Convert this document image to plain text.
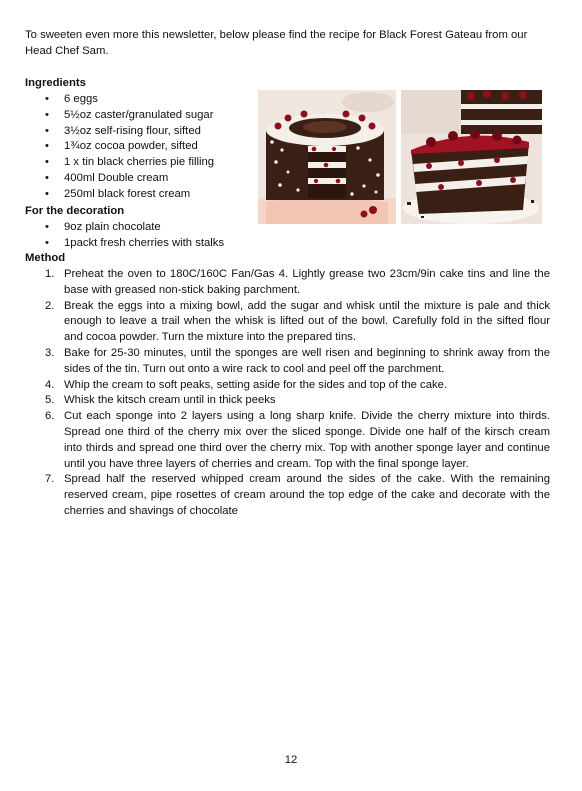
To sweeten even more this newsletter, below please find the recipe for Black Forest Gateau from our Head Chef Sam.

Ingredients
• 6 eggs
• 5½oz caster/granulated sugar
• 3½oz self-rising flour, sifted
• 1¾oz cocoa powder, sifted
• 1 x tin black cherries pie filling
• 400ml Double cream
• 250ml black forest cream
For the decoration
• 9oz plain chocolate
• 1packt fresh cherries with stalks
Method
1. Preheat the oven to 180C/160C Fan/Gas 4. Lightly grease two 23cm/9in cake tins and line the base with greased non-stick baking parchment.
2. Break the eggs into a mixing bowl, add the sugar and whisk until the mixture is pale and thick enough to leave a trail when the whisk is lifted out of the bowl. Carefully fold in the sifted flour and cocoa powder. Turn the mixture into the prepared tins.
3. Bake for 25-30 minutes, until the sponges are well risen and beginning to shrink away from the sides of the tin. Turn out onto a wire rack to cool and peel off the parchment.
4. Whip the cream to soft peaks, setting aside for the sides and top of the cake.
5. Whisk the kitsch cream until in thick peeks
6. Cut each sponge into 2 layers using a long sharp knife. Divide the cherry mixture into thirds. Spread one third of the cherry mix over the sliced sponge. Divide one half of the kirsch cream into thirds and spread one third over the cherry mix. Top with another sponge layer and continue until you have three layers of cherries and cream. Top with the final sponge layer.
7. Spread half the reserved whipped cream around the sides of the cake. With the remaining reserved cream, pipe rosettes of cream around the top edge of the cake and decorate with the cherries and shavings of chocolate
12
